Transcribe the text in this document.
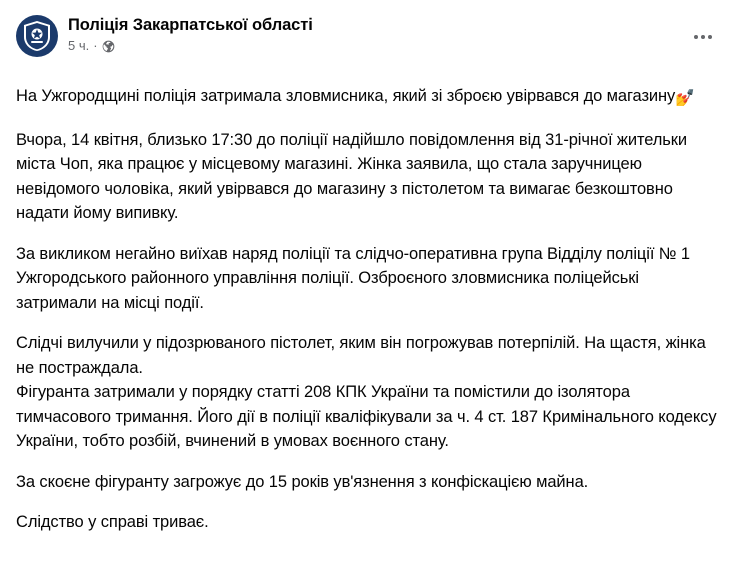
Поліція Закарпатської області
5 ч. ·

На Ужгородщині поліція затримала зловмисника, який зі зброєю увірвався до магазину💅

Вчора, 14 квітня, близько 17:30 до поліції надійшло повідомлення від 31-річної жительки міста Чоп, яка працює у місцевому магазині. Жінка заявила, що стала заручницею невідомого чоловіка, який увірвався до магазину з пістолетом та вимагає безкоштовно надати йому випивку.

За викликом негайно виїхав наряд поліції та слідчо-оперативна група Відділу поліції № 1 Ужгородського районного управління поліції. Озброєного зловмисника поліцейські затримали на місці події.

Слідчі вилучили у підозрюваного пістолет, яким він погрожував потерпілій. На щастя, жінка не постраждала.

Фігуранта затримали у порядку статті 208 КПК України та помістили до ізолятора тимчасового тримання. Його дії в поліції кваліфікували за ч. 4 ст. 187 Кримінального кодексу України, тобто розбій, вчинений в умовах воєнного стану.

За скоєне фігуранту загрожує до 15 років ув'язнення з конфіскацією майна.

Слідство у справі триває.
